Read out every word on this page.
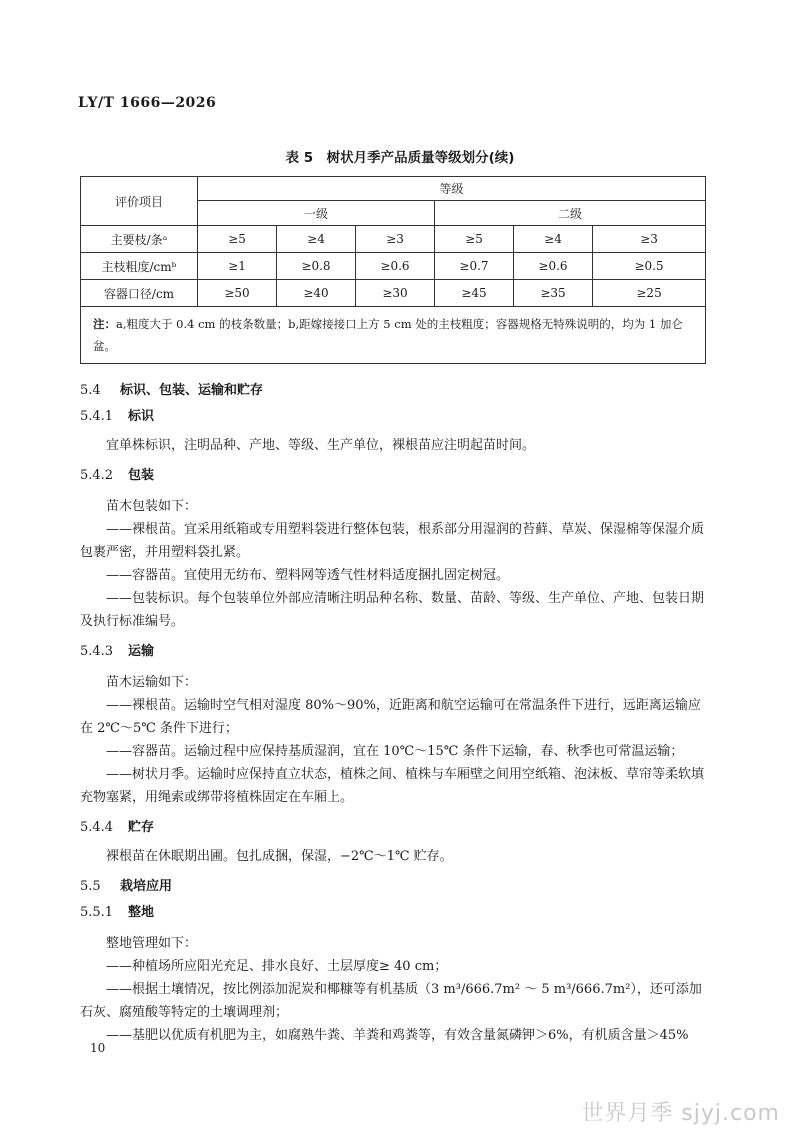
LY/T 1666—2026
表 5　树状月季产品质量等级划分(续)
评价项目	等级					
	一级			二级		
主要枝/条ᵃ	≥5	≥4	≥3	≥5	≥4	≥3
主枝粗度/cmᵇ	≥1	≥0.8	≥0.6	≥0.7	≥0.6	≥0.5
容器口径/cm	≥50	≥40	≥30	≥45	≥35	≥25
注：a,粗度大于 0.4 cm 的枝条数量；b,距嫁接接口上方 5 cm 处的主枝粗度；容器规格无特殊说明的，均为 1 加仑盆。						
5.4	标识、包装、运输和贮存
5.4.1	标识
宜单株标识，注明品种、产地、等级、生产单位，裸根苗应注明起苗时间。
5.4.2	包装
苗木包装如下：
——裸根苗。宜采用纸箱或专用塑料袋进行整体包装，根系部分用湿润的苔藓、草炭、保湿棉等保湿介质包裹严密，并用塑料袋扎紧。
——容器苗。宜使用无纺布、塑料网等透气性材料适度捆扎固定树冠。
——包装标识。每个包装单位外部应清晰注明品种名称、数量、苗龄、等级、生产单位、产地、包装日期及执行标准编号。
5.4.3	运输
苗木运输如下：
——裸根苗。运输时空气相对湿度 80%～90%，近距离和航空运输可在常温条件下进行，远距离运输应在 2℃～5℃ 条件下进行；
——容器苗。运输过程中应保持基质湿润，宜在 10℃～15℃ 条件下运输，春、秋季也可常温运输；
——树状月季。运输时应保持直立状态，植株之间、植株与车厢壁之间用空纸箱、泡沫板、草帘等柔软填充物塞紧，用绳索或绑带将植株固定在车厢上。
5.4.4	贮存
裸根苗在休眠期出圃。包扎成捆，保湿，−2℃～1℃ 贮存。
5.5	栽培应用
5.5.1	整地
整地管理如下：
——种植场所应阳光充足、排水良好、土层厚度≥ 40 cm；
——根据土壤情况，按比例添加泥炭和椰糠等有机基质（3 m³/666.7m² ～ 5 m³/666.7m²），还可添加石灰、腐殖酸等特定的土壤调理剂；
——基肥以优质有机肥为主，如腐熟牛粪、羊粪和鸡粪等，有效含量氮磷钾＞6%，有机质含量＞45%
10
世界月季 sjyj.com
